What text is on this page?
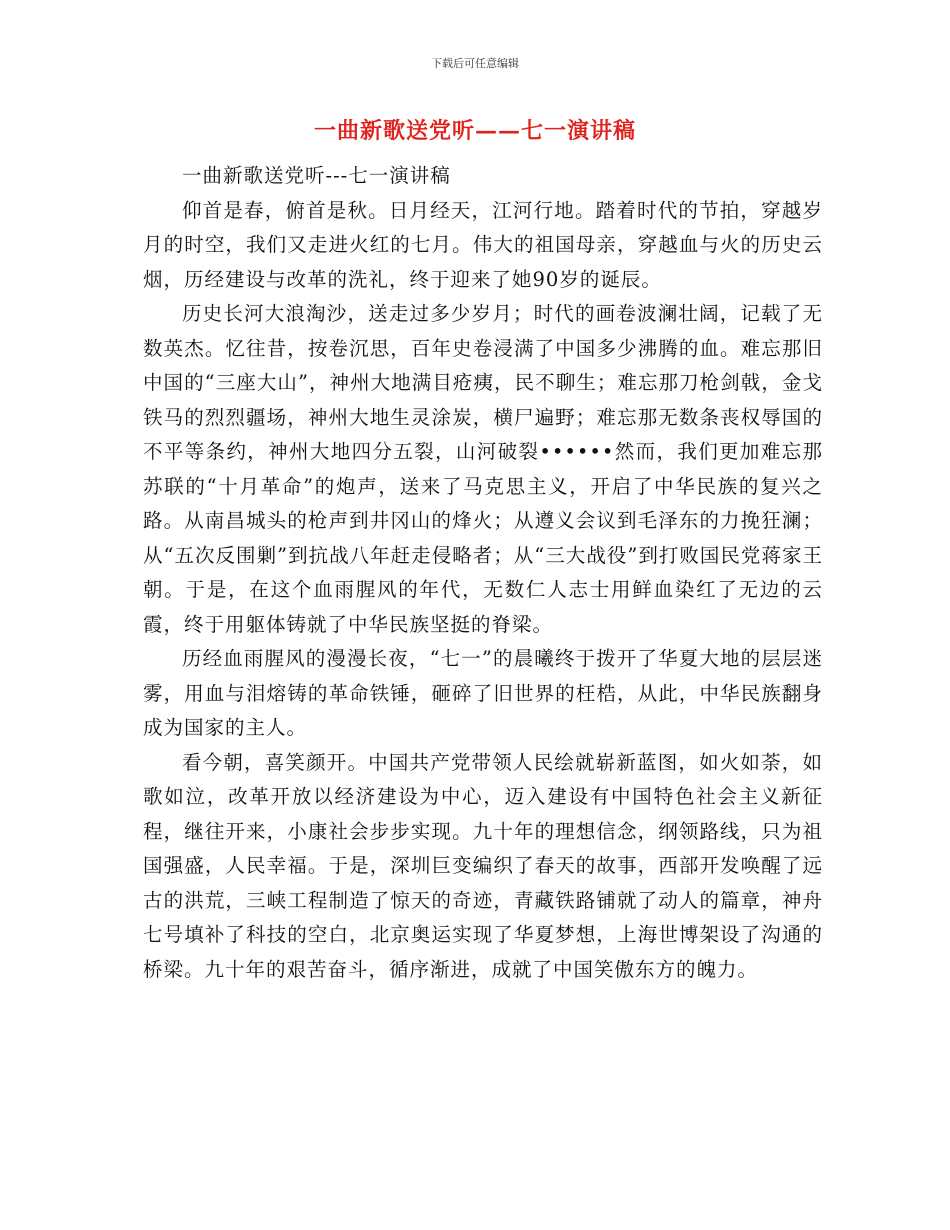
下载后可任意编辑
一曲新歌送党听——七一演讲稿

一曲新歌送党听---七一演讲稿

仰首是春，俯首是秋。日月经天，江河行地。踏着时代的节拍，穿越岁月的时空，我们又走进火红的七月。伟大的祖国母亲，穿越血与火的历史云烟，历经建设与改革的洗礼，终于迎来了她90岁的诞辰。

历史长河大浪淘沙，送走过多少岁月；时代的画卷波澜壮阔，记载了无数英杰。忆往昔，按卷沉思，百年史卷浸满了中国多少沸腾的血。难忘那旧中国的“三座大山”，神州大地满目疮痍，民不聊生；难忘那刀枪剑戟，金戈铁马的烈烈疆场，神州大地生灵涂炭，横尸遍野；难忘那无数条丧权辱国的不平等条约，神州大地四分五裂，山河破裂••••••然而，我们更加难忘那苏联的“十月革命”的炮声，送来了马克思主义，开启了中华民族的复兴之路。从南昌城头的枪声到井冈山的烽火；从遵义会议到毛泽东的力挽狂澜；从“五次反围剿”到抗战八年赶走侵略者；从“三大战役”到打败国民党蒋家王朝。于是，在这个血雨腥风的年代，无数仁人志士用鲜血染红了无边的云霞，终于用躯体铸就了中华民族坚挺的脊梁。

历经血雨腥风的漫漫长夜，“七一”的晨曦终于拨开了华夏大地的层层迷雾，用血与泪熔铸的革命铁锤，砸碎了旧世界的枉梏，从此，中华民族翻身成为国家的主人。

看今朝，喜笑颜开。中国共产党带领人民绘就崭新蓝图，如火如荼，如歌如泣，改革开放以经济建设为中心，迈入建设有中国特色社会主义新征程，继往开来，小康社会步步实现。九十年的理想信念，纲领路线，只为祖国强盛，人民幸福。于是，深圳巨变编织了春天的故事，西部开发唤醒了远古的洪荒，三峡工程制造了惊天的奇迹，青藏铁路铺就了动人的篇章，神舟七号填补了科技的空白，北京奥运实现了华夏梦想，上海世博架设了沟通的桥梁。九十年的艰苦奋斗，循序渐进，成就了中国笑傲东方的魄力。
